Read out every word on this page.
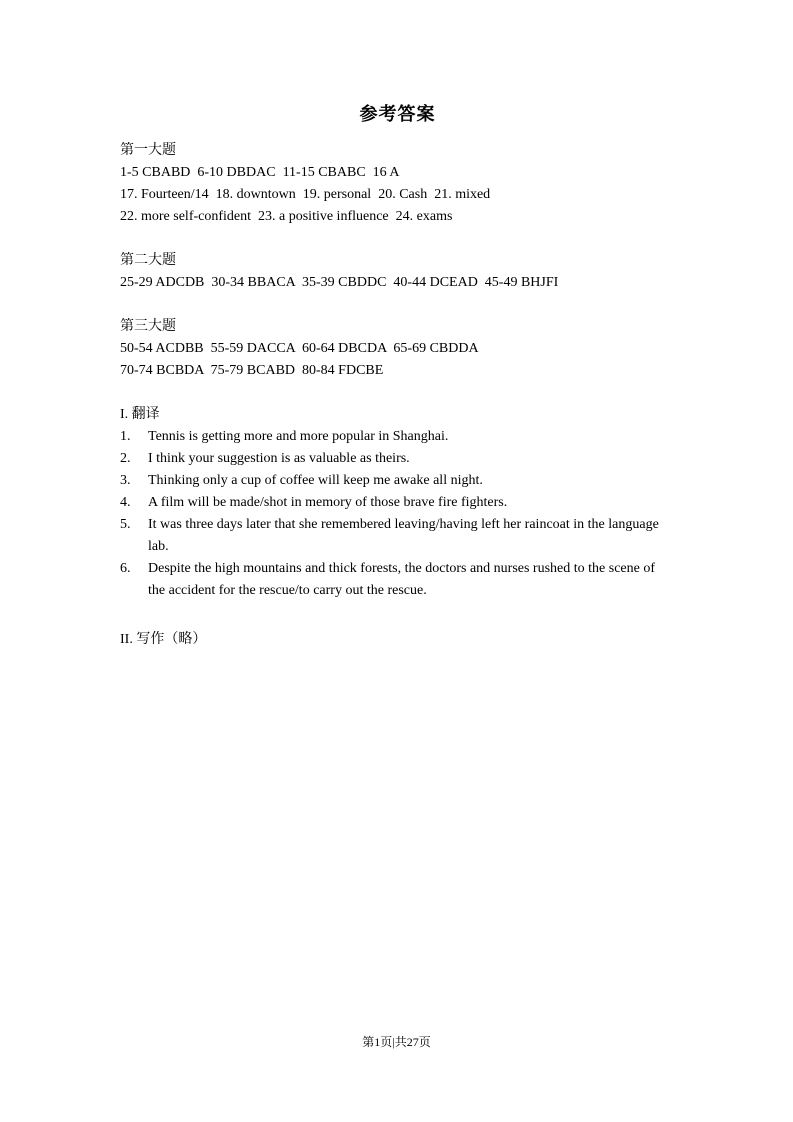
参考答案
第一大题
1-5 CBABD  6-10 DBDAC  11-15 CBABC  16 A
17. Fourteen/14  18. downtown  19. personal  20. Cash  21. mixed
22. more self-confident  23. a positive influence  24. exams
第二大题
25-29 ADCDB  30-34 BBACA  35-39 CBDDC  40-44 DCEAD  45-49 BHJFI
第三大题
50-54 ACDBB  55-59 DACCA  60-64 DBCDA  65-69 CBDDA
70-74 BCBDA  75-79 BCABD  80-84 FDCBE
I. 翻译
1.	Tennis is getting more and more popular in Shanghai.
2.	I think your suggestion is as valuable as theirs.
3.	Thinking only a cup of coffee will keep me awake all night.
4.	A film will be made/shot in memory of those brave fire fighters.
5.	It was three days later that she remembered leaving/having left her raincoat in the language lab.
6.	Despite the high mountains and thick forests, the doctors and nurses rushed to the scene of the accident for the rescue/to carry out the rescue.
II. 写作（略）
第1页|共27页
